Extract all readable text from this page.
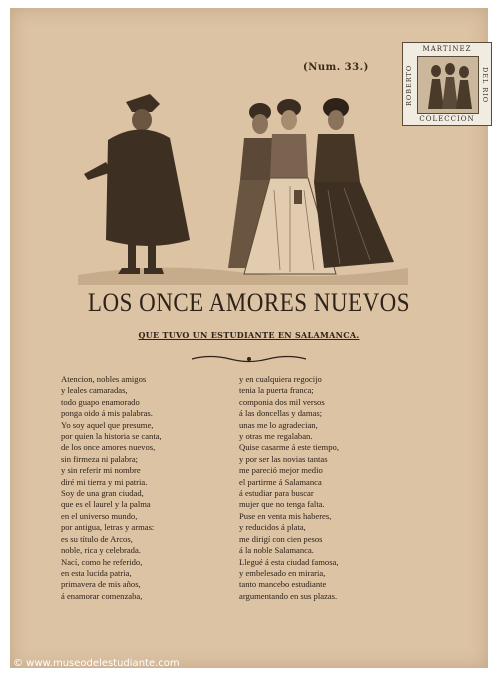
(Num. 33.)
MARTINEZ
ROBERTO	DEL RIO
COLECCION
LOS ONCE AMORES NUEVOS
QUE TUVO UN ESTUDIANTE EN SALAMANCA.
Atencion, nobles amigos
y leales camaradas,
todo guapo enamorado
ponga oido á mis palabras.
Yo soy aquel que presume,
por quien la historia se canta,
de los once amores nuevos,
sin firmeza ni palabra;
y sin referir mi nombre
diré mi tierra y mi patria.
Soy de una gran ciudad,
que es el laurel y la palma
en el universo mundo,
por antigua, letras y armas:
es su título de Arcos,
noble, rica y celebrada.
Nací, como he referido,
en esta lucida patria,
primavera de mis años,
á enamorar comenzaba,
y en cualquiera regocijo
tenia la puerta franca;
componia dos mil versos
á las doncellas y damas;
unas me lo agradecian,
y otras me regalaban.
Quise casarme á este tiempo,
y por ser las novias tantas
me pareció mejor medio
el partirme á Salamanca
á estudiar para buscar
mujer que no tenga falta.
Puse en venta mis haberes,
y reducidos á plata,
me dirigí con cien pesos
á la noble Salamanca.
Llegué á esta ciudad famosa,
y embelesado en miraria,
tanto mancebo estudiante
argumentando en sus plazas.
© www.museodelestudiante.com
